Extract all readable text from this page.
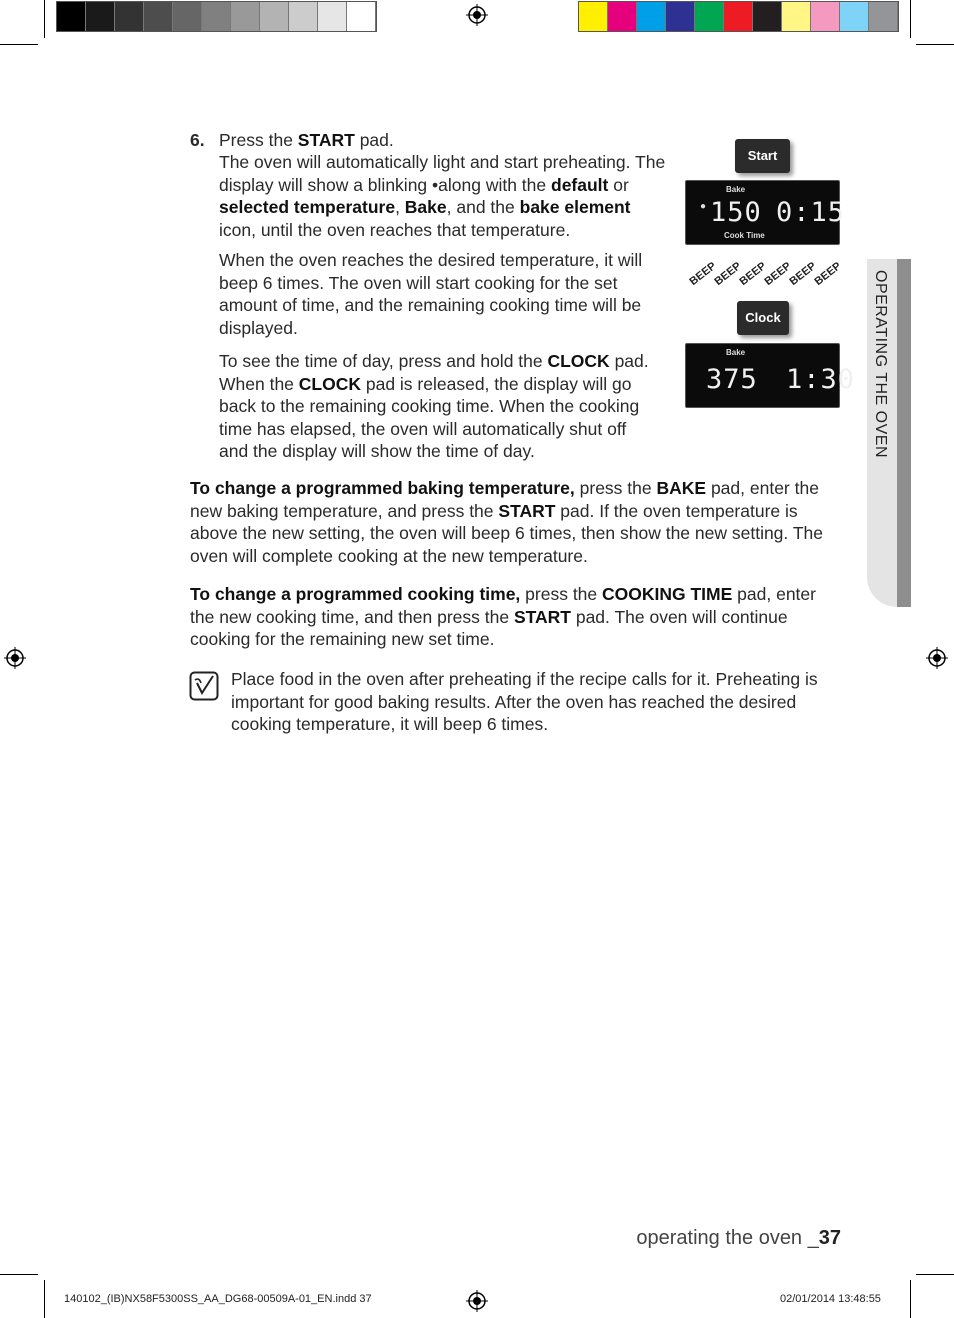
6. Press the START pad.

The oven will automatically light and start preheating. The display will show a blinking •along with the default or selected temperature, Bake, and the bake element icon, until the oven reaches that temperature.

When the oven reaches the desired temperature, it will beep 6 times. The oven will start cooking for the set amount of time, and the remaining cooking time will be displayed.

To see the time of day, press and hold the CLOCK pad. When the CLOCK pad is released, the display will go back to the remaining cooking time. When the cooking time has elapsed, the oven will automatically shut off and the display will show the time of day.

Start
Bake
● 150 0:15
Cook Time
BEEP
BEEP
BEEP
BEEP
BEEP
BEEP
Clock
Bake
375 1:30

To change a programmed baking temperature, press the BAKE pad, enter the new baking temperature, and press the START pad. If the oven temperature is above the new setting, the oven will beep 6 times, then show the new setting. The oven will complete cooking at the new temperature.

To change a programmed cooking time, press the COOKING TIME pad, enter the new cooking time, and then press the START pad. The oven will continue cooking for the remaining new set time.

Place food in the oven after preheating if the recipe calls for it. Preheating is important for good baking results. After the oven has reached the desired cooking temperature, it will beep 6 times.

OPERATING THE OVEN
operating the oven _37
140102_(IB)NX58F5300SS_AA_DG68-00509A-01_EN.indd 37	02/01/2014 13:48:55
